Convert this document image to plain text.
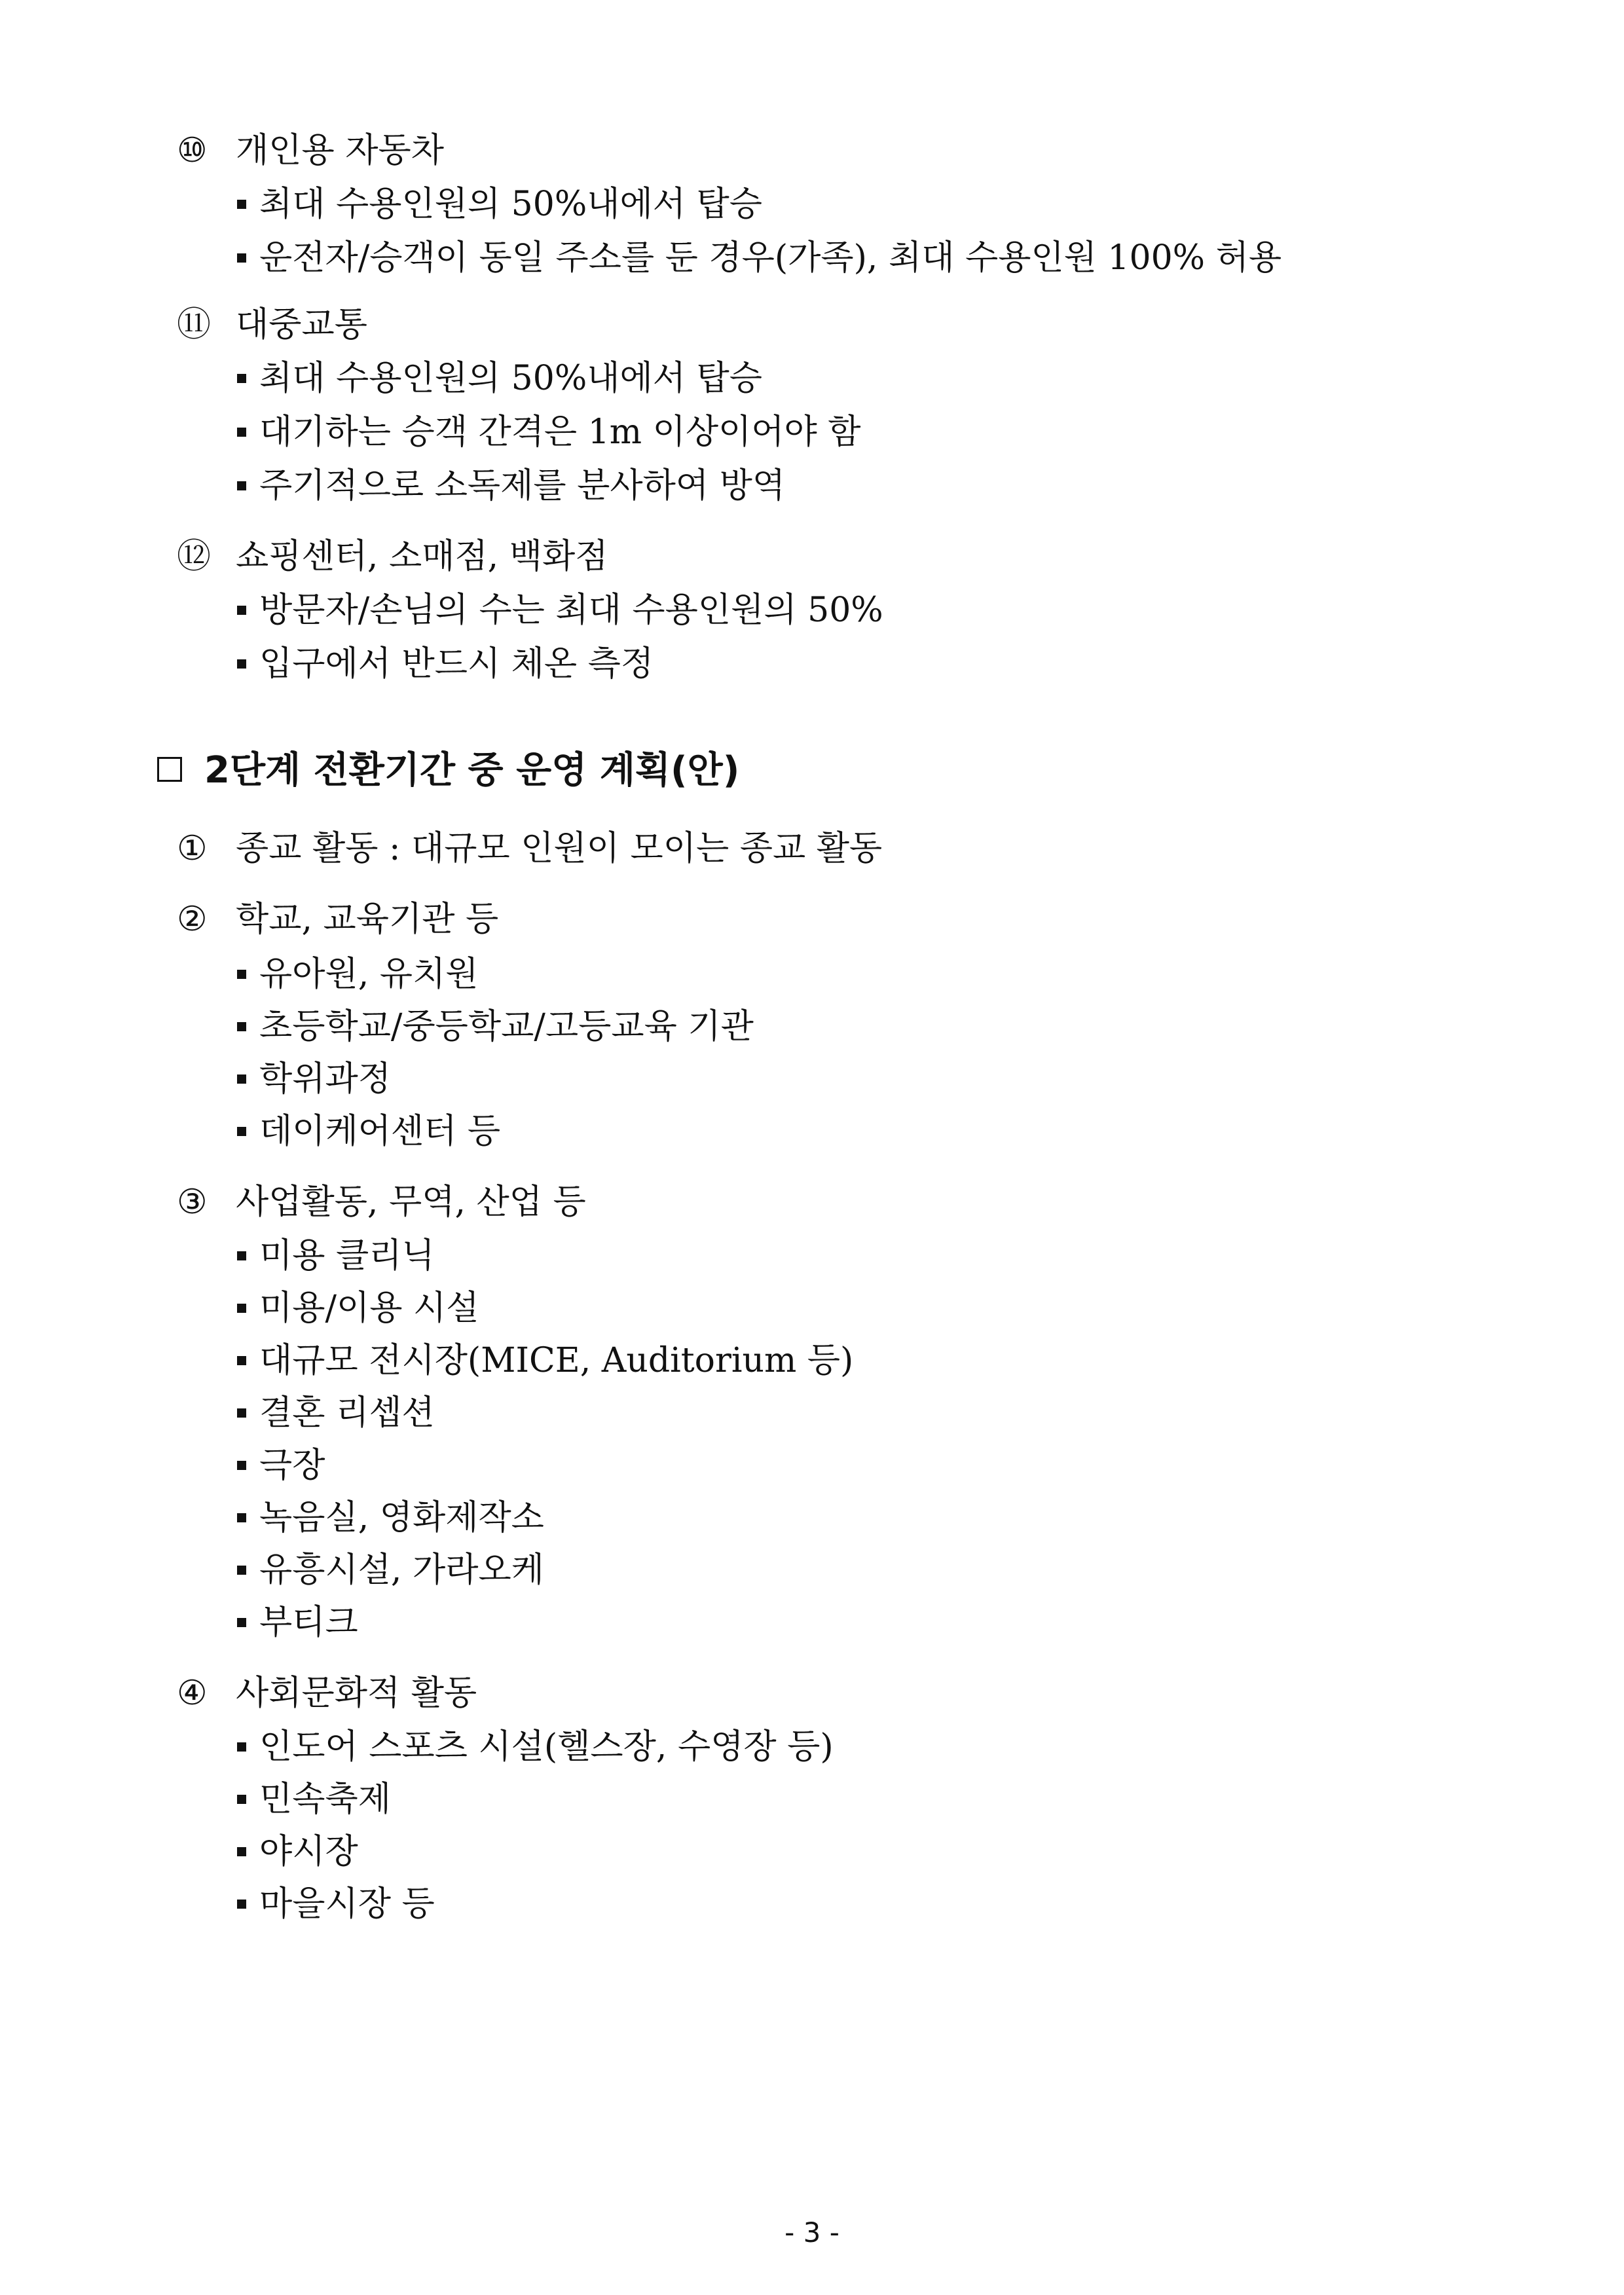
⑩ 개인용 자동차
최대 수용인원의 50%내에서 탑승
운전자/승객이 동일 주소를 둔 경우(가족), 최대 수용인원 100% 허용
⑪ 대중교통
최대 수용인원의 50%내에서 탑승
대기하는 승객 간격은 1m 이상이어야 함
주기적으로 소독제를 분사하여 방역
⑫ 쇼핑센터, 소매점, 백화점
방문자/손님의 수는 최대 수용인원의 50%
입구에서 반드시 체온 측정
2단계 전환기간 중 운영 계획(안)
① 종교 활동 : 대규모 인원이 모이는 종교 활동
② 학교, 교육기관 등
유아원, 유치원
초등학교/중등학교/고등교육 기관
학위과정
데이케어센터 등
③ 사업활동, 무역, 산업 등
미용 클리닉
미용/이용 시설
대규모 전시장(MICE, Auditorium 등)
결혼 리셉션
극장
녹음실, 영화제작소
유흥시설, 가라오케
부티크
④ 사회문화적 활동
인도어 스포츠 시설(헬스장, 수영장 등)
민속축제
야시장
마을시장 등
- 3 -
